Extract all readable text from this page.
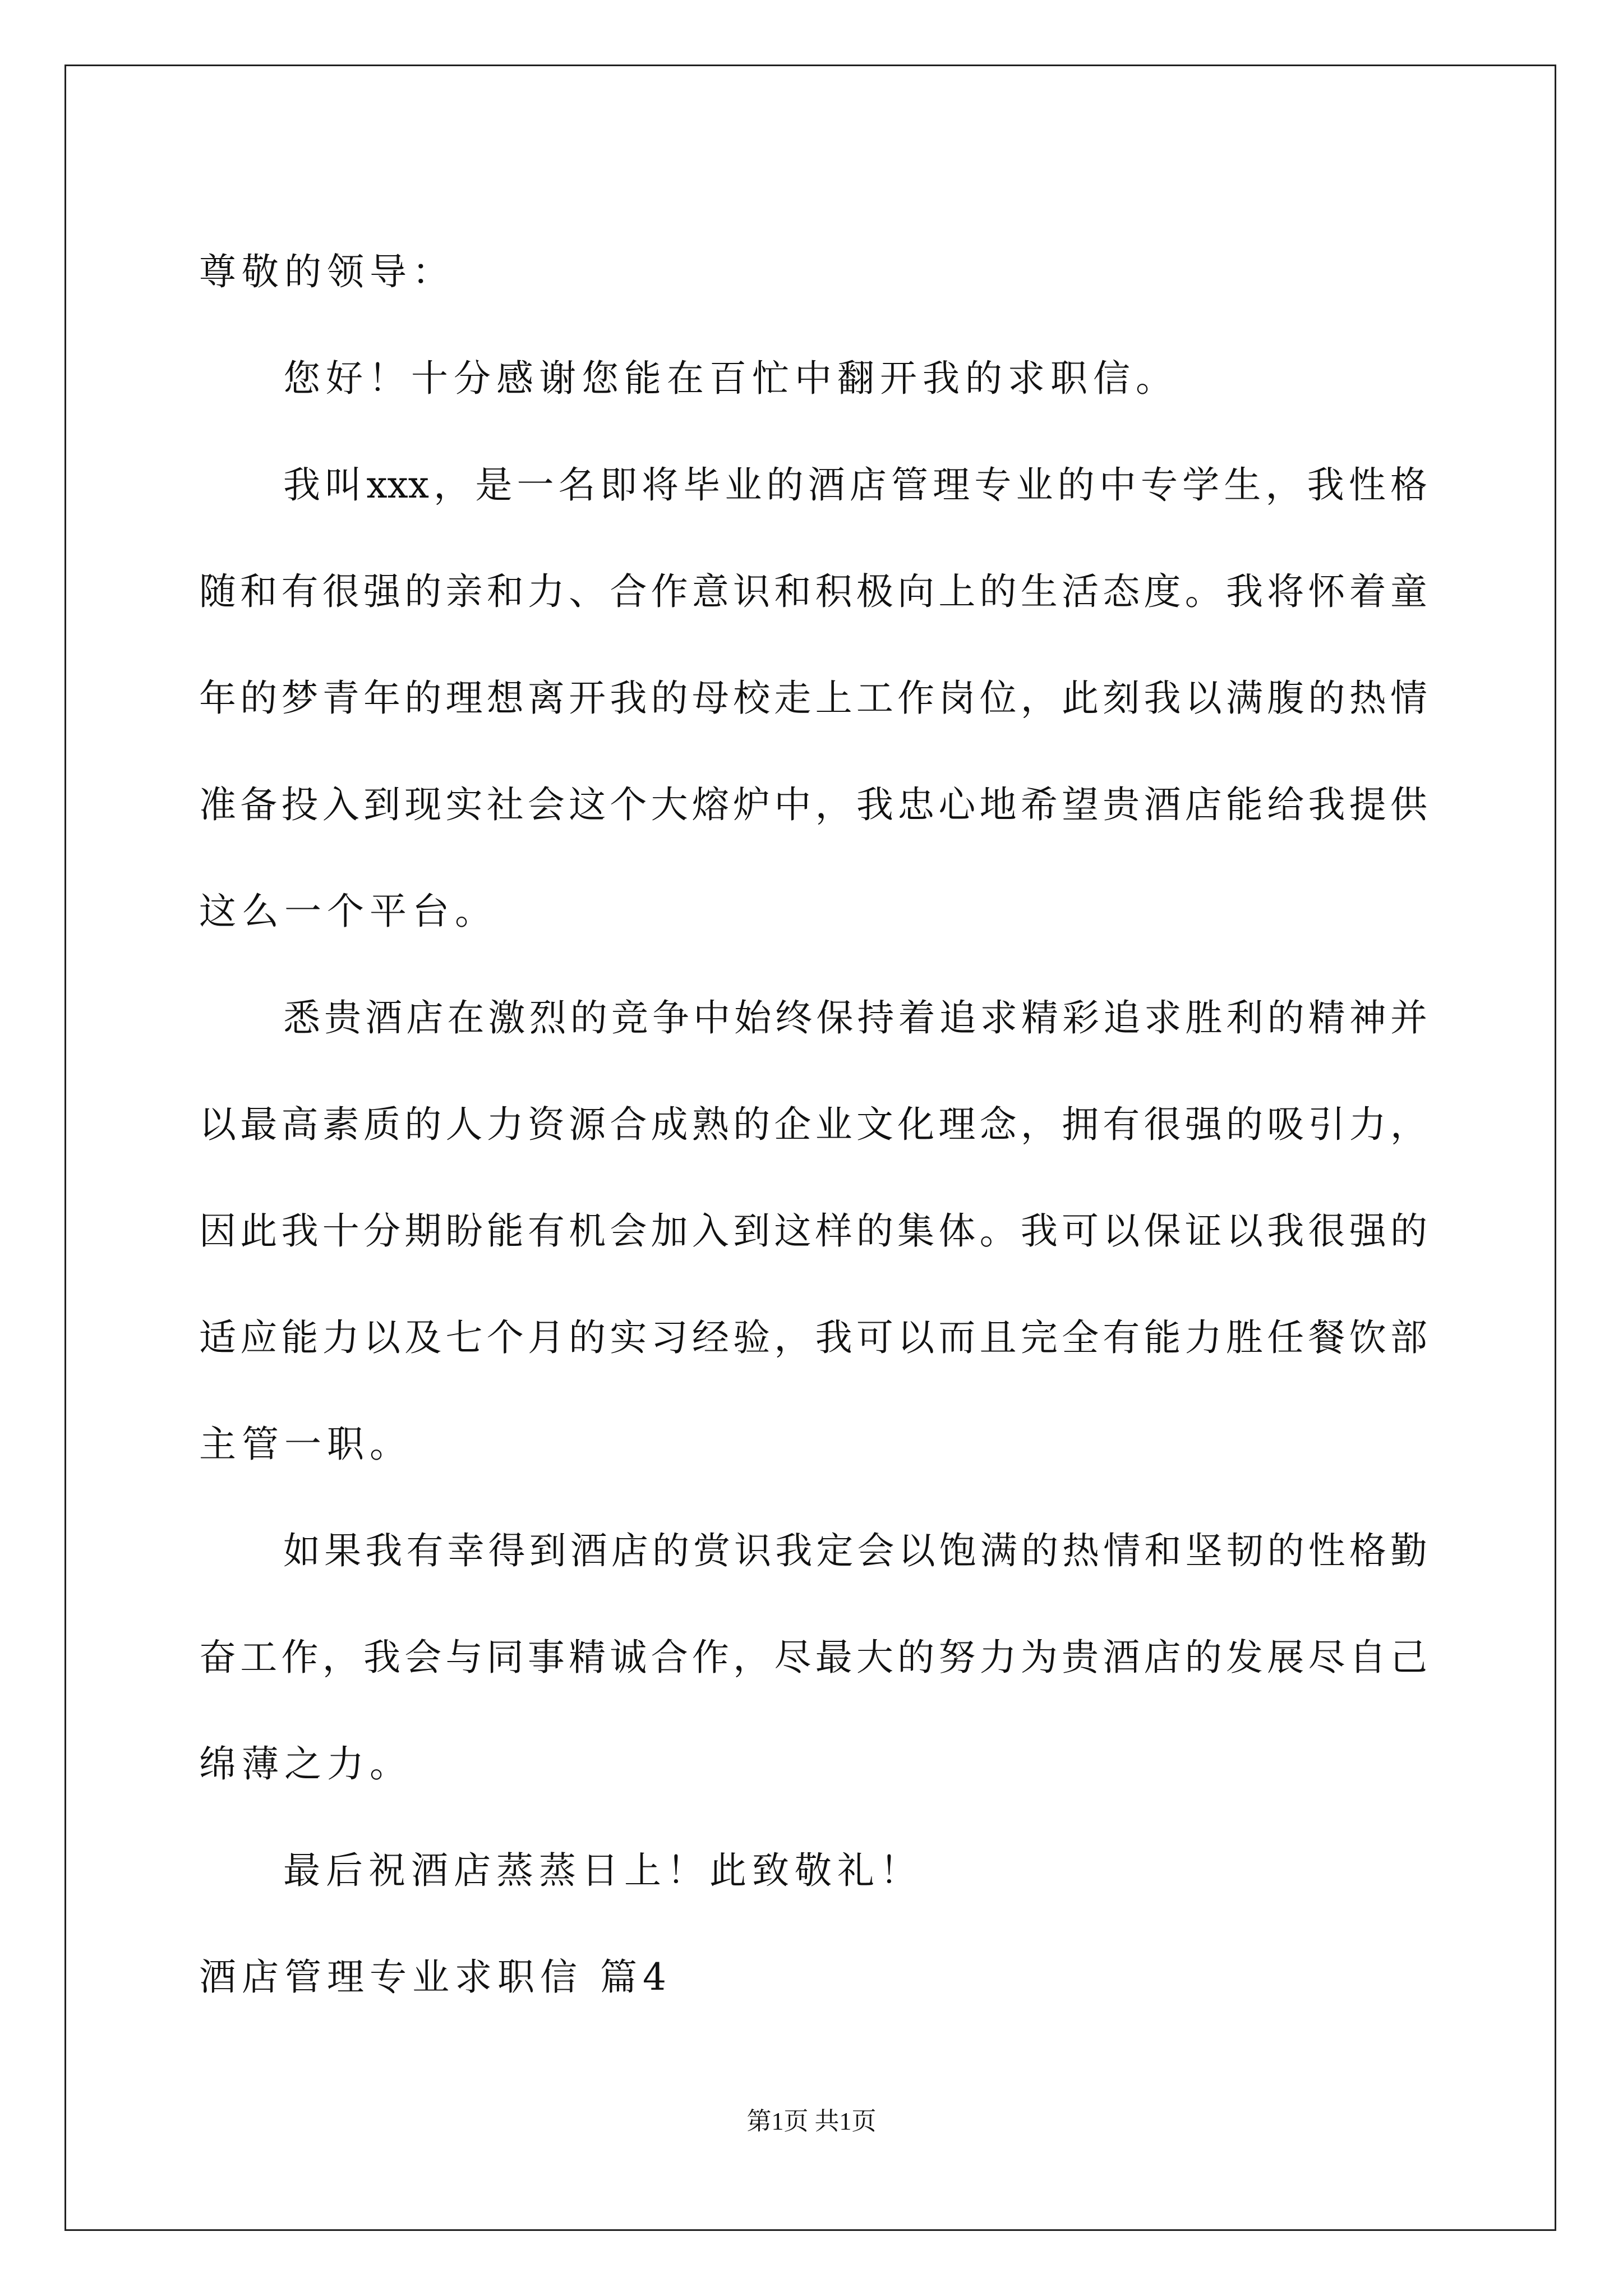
尊敬的领导：
您好！十分感谢您能在百忙中翻开我的求职信。
我叫xxx，是一名即将毕业的酒店管理专业的中专学生，我性格
随和有很强的亲和力、合作意识和积极向上的生活态度。我将怀着童
年的梦青年的理想离开我的母校走上工作岗位，此刻我以满腹的热情
准备投入到现实社会这个大熔炉中，我忠心地希望贵酒店能给我提供
这么一个平台。
悉贵酒店在激烈的竞争中始终保持着追求精彩追求胜利的精神并
以最高素质的人力资源合成熟的企业文化理念，拥有很强的吸引力，
因此我十分期盼能有机会加入到这样的集体。我可以保证以我很强的
适应能力以及七个月的实习经验，我可以而且完全有能力胜任餐饮部
主管一职。
如果我有幸得到酒店的赏识我定会以饱满的热情和坚韧的性格勤
奋工作，我会与同事精诚合作，尽最大的努力为贵酒店的发展尽自己
绵薄之力。
最后祝酒店蒸蒸日上！此致敬礼！
酒店管理专业求职信 篇4
第1页 共1页
